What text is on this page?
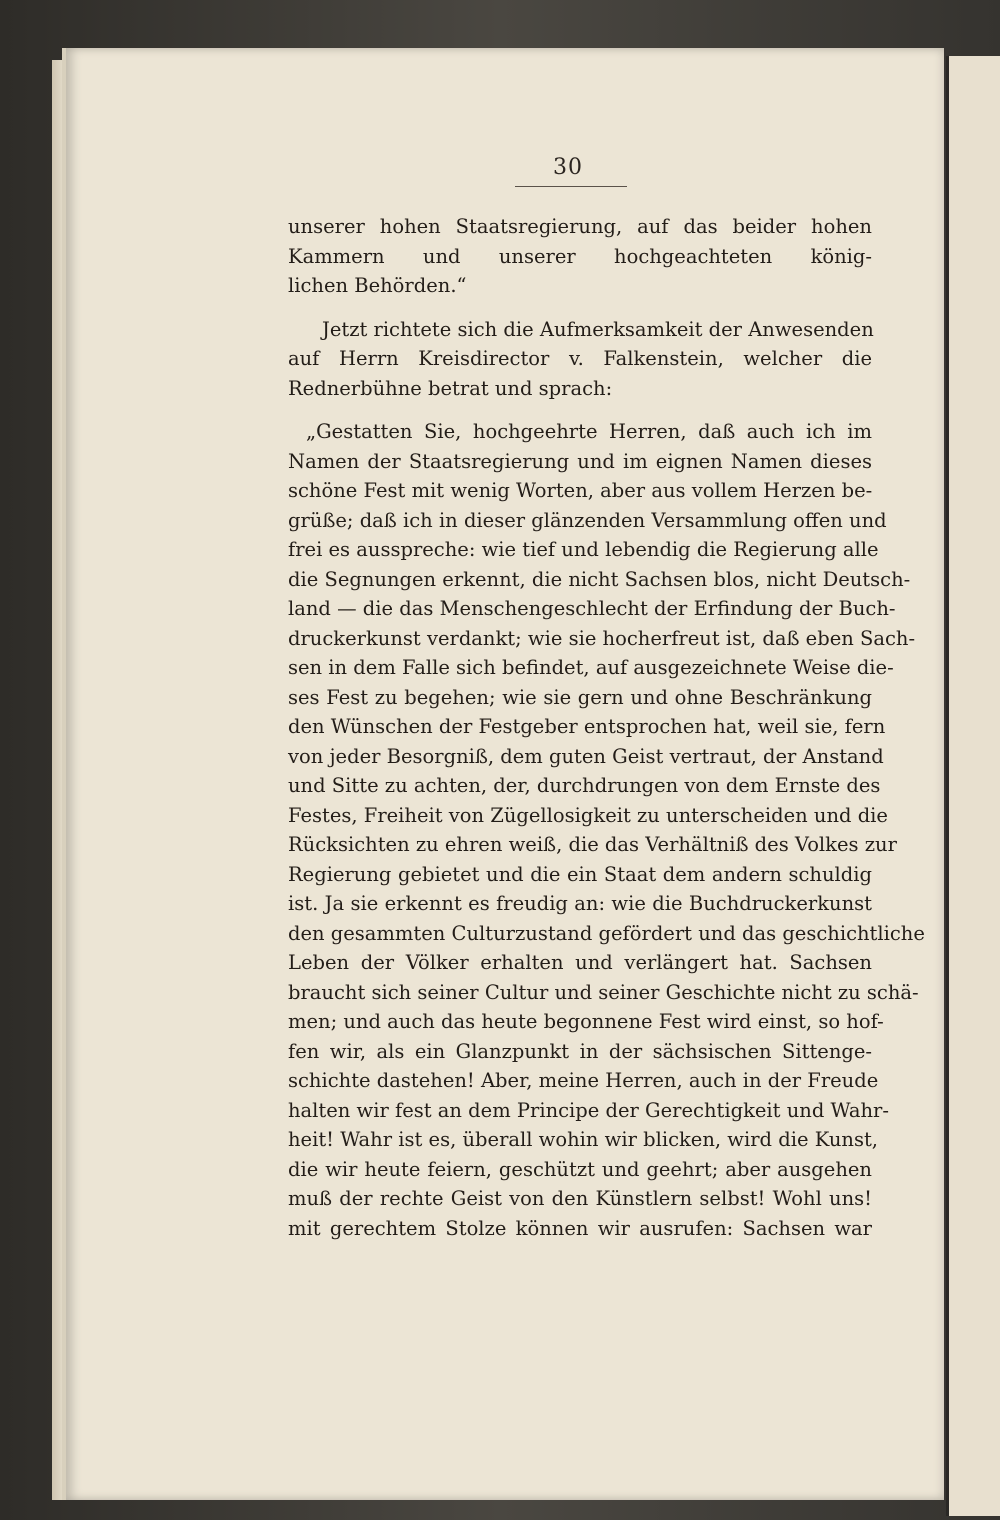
30
unserer hohen Staatsregierung, auf das beider hohen
Kammern und unserer hochgeachteten könig-
lichen Behörden.“
Jetzt richtete sich die Aufmerksamkeit der Anwesenden
auf Herrn Kreisdirector v. Falkenstein, welcher die
Rednerbühne betrat und sprach:
„Gestatten Sie, hochgeehrte Herren, daß auch ich im
Namen der Staatsregierung und im eignen Namen dieses
schöne Fest mit wenig Worten, aber aus vollem Herzen be-
grüße; daß ich in dieser glänzenden Versammlung offen und
frei es ausspreche: wie tief und lebendig die Regierung alle
die Segnungen erkennt, die nicht Sachsen blos, nicht Deutsch-
land — die das Menschengeschlecht der Erfindung der Buch-
druckerkunst verdankt; wie sie hocherfreut ist, daß eben Sach-
sen in dem Falle sich befindet, auf ausgezeichnete Weise die-
ses Fest zu begehen; wie sie gern und ohne Beschränkung
den Wünschen der Festgeber entsprochen hat, weil sie, fern
von jeder Besorgniß, dem guten Geist vertraut, der Anstand
und Sitte zu achten, der, durchdrungen von dem Ernste des
Festes, Freiheit von Zügellosigkeit zu unterscheiden und die
Rücksichten zu ehren weiß, die das Verhältniß des Volkes zur
Regierung gebietet und die ein Staat dem andern schuldig
ist. Ja sie erkennt es freudig an: wie die Buchdruckerkunst
den gesammten Culturzustand gefördert und das geschichtliche
Leben der Völker erhalten und verlängert hat. Sachsen
braucht sich seiner Cultur und seiner Geschichte nicht zu schä-
men; und auch das heute begonnene Fest wird einst, so hof-
fen wir, als ein Glanzpunkt in der sächsischen Sittenge-
schichte dastehen! Aber, meine Herren, auch in der Freude
halten wir fest an dem Principe der Gerechtigkeit und Wahr-
heit! Wahr ist es, überall wohin wir blicken, wird die Kunst,
die wir heute feiern, geschützt und geehrt; aber ausgehen
muß der rechte Geist von den Künstlern selbst! Wohl uns!
mit gerechtem Stolze können wir ausrufen: Sachsen war
